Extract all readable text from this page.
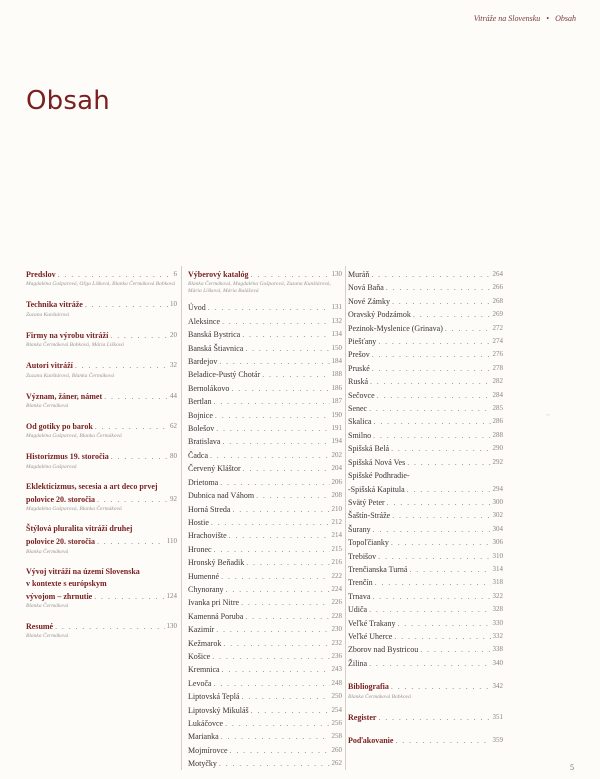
Vitráže na Slovensku • Obsah
Obsah
Predslov . . .	6
Magdaléna Gašparová, Oľga Lišková, Blanka Čermáková Bobková
Technika vitráže . . .	10
Zuzana Kunštárová
Firmy na výrobu vitráží . . .	20
Blanka Čermáková Bobková, Mária Lišková
Autori vitráží . . .	32
Zuzana Kunštárová, Blanka Čermáková
Význam, žáner, námet . . .	44
Blanka Čermáková
Od gotiky po barok . . .	62
Magdaléna Gašparová, Blanka Čermáková
Historizmus 19. storočia . . .	80
Magdaléna Gašparová
Eklekticizmus, secesia a art deco prvej
polovice 20. storočia . . .	92
Magdaléna Gašparová, Blanka Čermáková
Štýlová pluralita vitráží druhej
polovice 20. storočia . . .	110
Blanka Čermáková
Vývoj vitráží na území Slovenska
v kontexte s európskym
vývojom – zhrnutie . . .	124
Blanka Čermáková
Resumé . . .	130
Blanka Čermáková
Výberový katalóg . . .	130
Blanka Čermáková, Magdaléna Gašparová, Zuzana Kunštárová, Mária Lišková, Mária Balážová
Úvod . . .	131
Aleksince . . .	132
Banská Bystrica . . .	134
Banská Štiavnica . . .	150
Bardejov . . .	184
Beladice-Pustý Chotár . . .	188
Bernolákovo . . .	186
Bertlan . . .	187
Bojnice . . .	190
Bolešov . . .	191
Bratislava . . .	194
Čadca . . .	202
Červený Kláštor . . .	204
Drietoma . . .	206
Dubnica nad Váhom . . .	208
Horná Streda . . .	210
Hostie . . .	212
Hrachovište . . .	214
Hronec . . .	215
Hronský Beňadik . . .	216
Humenné . . .	222
Chynorany . . .	224
Ivanka pri Nitre . . .	226
Kamenná Poruba . . .	228
Kazimír . . .	230
Kežmarok . . .	232
Košice . . .	236
Kremnica . . .	243
Levoča . . .	248
Liptovská Teplá . . .	250
Liptovský Mikuláš . . .	254
Lukáčovce . . .	256
Marianka . . .	258
Mojmírovce . . .	260
Motyčky . . .	262
Muráň . . .	264
Nová Baňa . . .	266
Nové Zámky . . .	268
Oravský Podzámok . . .	269
Pezinok-Myslenice (Grinava) . . .	272
Piešťany . . .	274
Prešov . . .	276
Pruské . . .	278
Ruská . . .	282
Sečovce . . .	284
Senec . . .	285
Skalica . . .	286
Smilno . . .	288
Spišská Belá . . .	290
Spišská Nová Ves . . .	292
Spišské Podhradie-
-Spišská Kapitula . . .	294
Svätý Peter . . .	300
Šaštín-Stráže . . .	302
Šurany . . .	304
Topoľčianky . . .	306
Trebišov . . .	310
Trenčianska Turná . . .	314
Trenčín . . .	318
Trnava . . .	322
Udiča . . .	328
Veľké Trakany . . .	330
Veľké Uherce . . .	332
Zborov nad Bystricou . . .	338
Žilina . . .	340
Bibliografia . . .	342
Blanka Čermáková Bobková
Register . . .	351
Poďakovanie . . .	359
ˏˎ
5
